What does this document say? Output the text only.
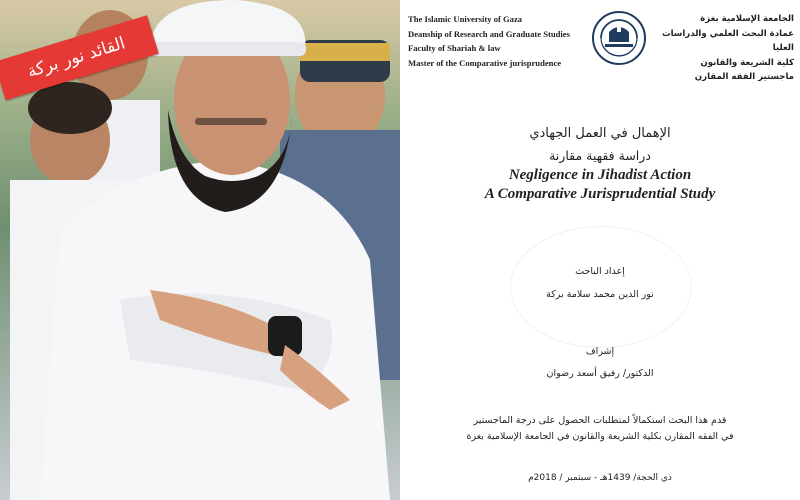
القائد نور بركة
The Islamic University of Gaza
Deanship of Research and Graduate Studies
Faculty of Shariah & law
Master of the Comparative jurisprudence
الجامعة الإسلامية بغزة
عمادة البحث العلمي والدراسات العليا
كلية الشريعة والقانون
ماجستير الفقه المقارن
الإهمال في العمل الجهادي
دراسة فقهية مقارنة
Negligence in Jihadist Action
A Comparative Jurisprudential Study
إعداد الباحث
نور الدين محمد سلامة بركة
إشراف
الدكتور/ رفيق أسعد رضوان
قدم هذا البحث استكمالاً لمتطلبات الحصول على درجة الماجستير
في الفقه المقارن بكلية الشريعة والقانون في الجامعة الإسلامية بغزة
ذي الحجة/ 1439هـ - سبتمبر / 2018م
